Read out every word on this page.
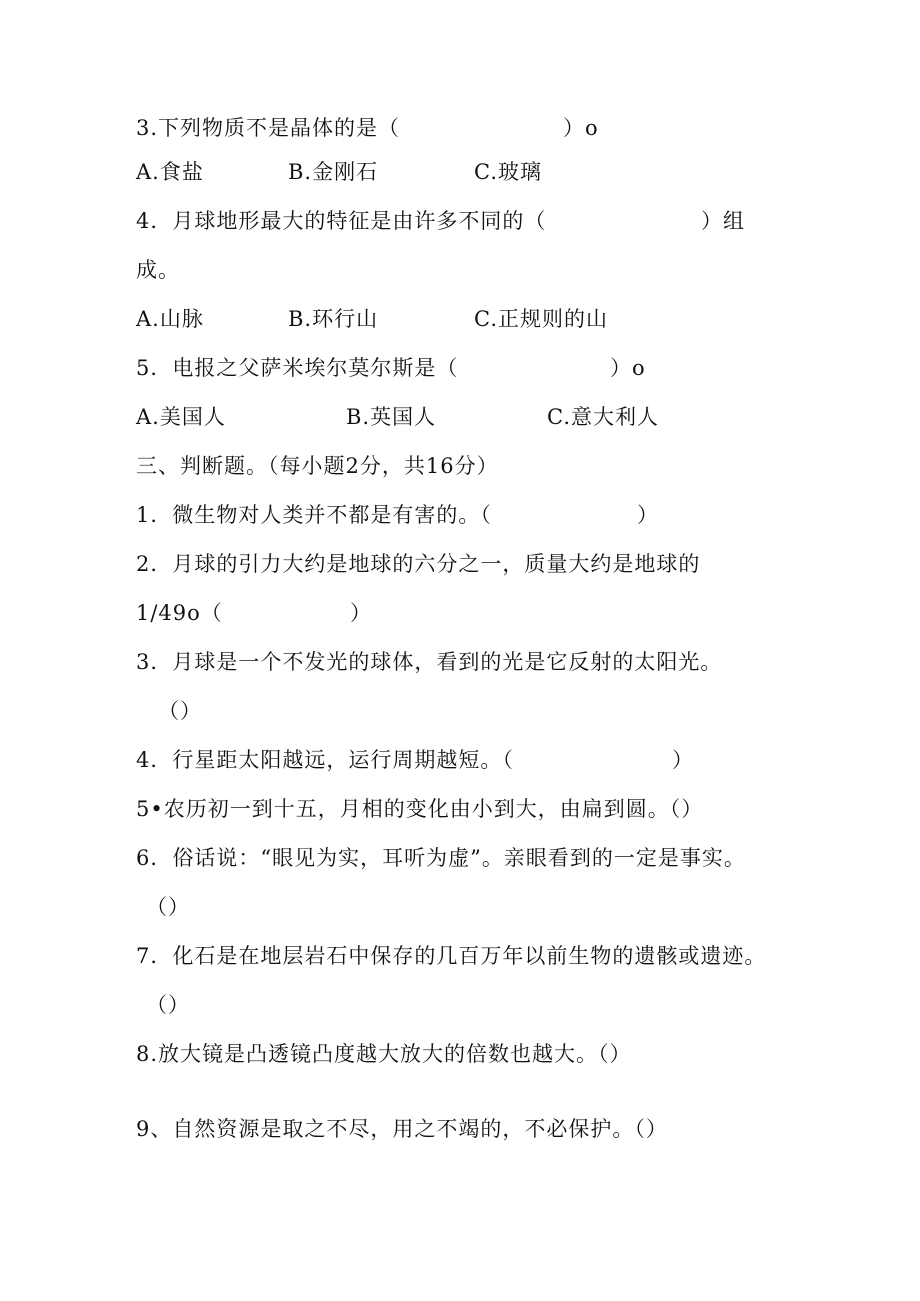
3.下列物质不是晶体的是（	）o
A.食盐	B.金刚石	C.玻璃
4．月球地形最大的特征是由许多不同的（	）组
成。
A.山脉	B.环行山	C.正规则的山
5．电报之父萨米埃尔莫尔斯是（	）o
A.美国人	B.英国人	C.意大利人
三、判断题。（每小题2分，共16分）
1．微生物对人类并不都是有害的。（	）
2．月球的引力大约是地球的六分之一，质量大约是地球的
1/49o（	）
3．月球是一个不发光的球体，看到的光是它反射的太阳光。
（）
4．行星距太阳越远，运行周期越短。（	）
5•农历初一到十五，月相的变化由小到大，由扁到圆。（）
6．俗话说：“眼见为实，耳听为虚”。亲眼看到的一定是事实。
（）
7．化石是在地层岩石中保存的几百万年以前生物的遗骸或遗迹。
（）
8.放大镜是凸透镜凸度越大放大的倍数也越大。（）
9、自然资源是取之不尽，用之不竭的，不必保护。（）
